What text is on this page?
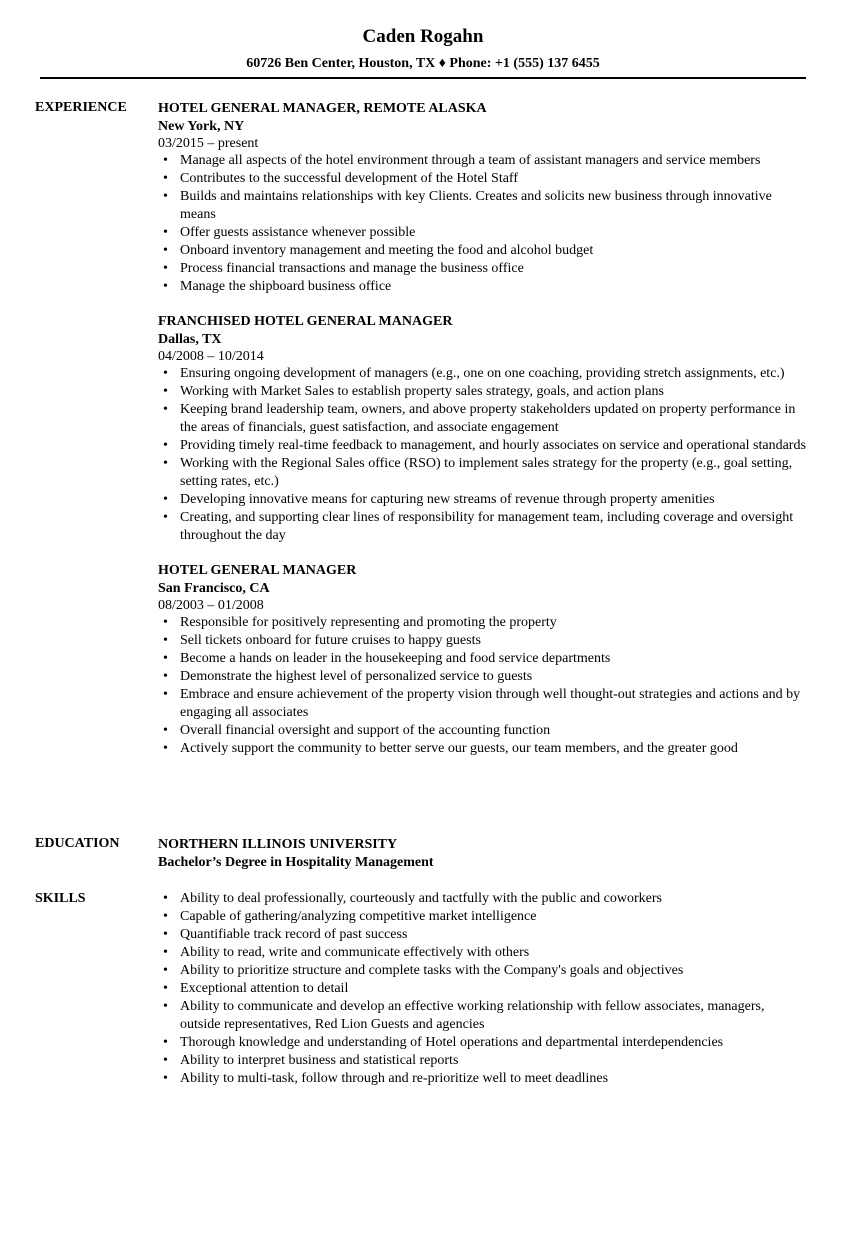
Caden Rogahn
60726 Ben Center, Houston, TX ♦ Phone: +1 (555) 137 6455
EXPERIENCE	HOTEL GENERAL MANAGER, REMOTE ALASKA
New York, NY
03/2015 – present
• Manage all aspects of the hotel environment through a team of assistant managers and service members
• Contributes to the successful development of the Hotel Staff
• Builds and maintains relationships with key Clients. Creates and solicits new business through innovative means
• Offer guests assistance whenever possible
• Onboard inventory management and meeting the food and alcohol budget
• Process financial transactions and manage the business office
• Manage the shipboard business office
FRANCHISED HOTEL GENERAL MANAGER
Dallas, TX
04/2008 – 10/2014
• Ensuring ongoing development of managers (e.g., one on one coaching, providing stretch assignments, etc.)
• Working with Market Sales to establish property sales strategy, goals, and action plans
• Keeping brand leadership team, owners, and above property stakeholders updated on property performance in the areas of financials, guest satisfaction, and associate engagement
• Providing timely real-time feedback to management, and hourly associates on service and operational standards
• Working with the Regional Sales office (RSO) to implement sales strategy for the property (e.g., goal setting, setting rates, etc.)
• Developing innovative means for capturing new streams of revenue through property amenities
• Creating, and supporting clear lines of responsibility for management team, including coverage and oversight throughout the day
HOTEL GENERAL MANAGER
San Francisco, CA
08/2003 – 01/2008
• Responsible for positively representing and promoting the property
• Sell tickets onboard for future cruises to happy guests
• Become a hands on leader in the housekeeping and food service departments
• Demonstrate the highest level of personalized service to guests
• Embrace and ensure achievement of the property vision through well thought-out strategies and actions and by engaging all associates
• Overall financial oversight and support of the accounting function
• Actively support the community to better serve our guests, our team members, and the greater good
EDUCATION	NORTHERN ILLINOIS UNIVERSITY
Bachelor’s Degree in Hospitality Management
SKILLS	• Ability to deal professionally, courteously and tactfully with the public and coworkers
• Capable of gathering/analyzing competitive market intelligence
• Quantifiable track record of past success
• Ability to read, write and communicate effectively with others
• Ability to prioritize structure and complete tasks with the Company's goals and objectives
• Exceptional attention to detail
• Ability to communicate and develop an effective working relationship with fellow associates, managers, outside representatives, Red Lion Guests and agencies
• Thorough knowledge and understanding of Hotel operations and departmental interdependencies
• Ability to interpret business and statistical reports
• Ability to multi-task, follow through and re-prioritize well to meet deadlines
